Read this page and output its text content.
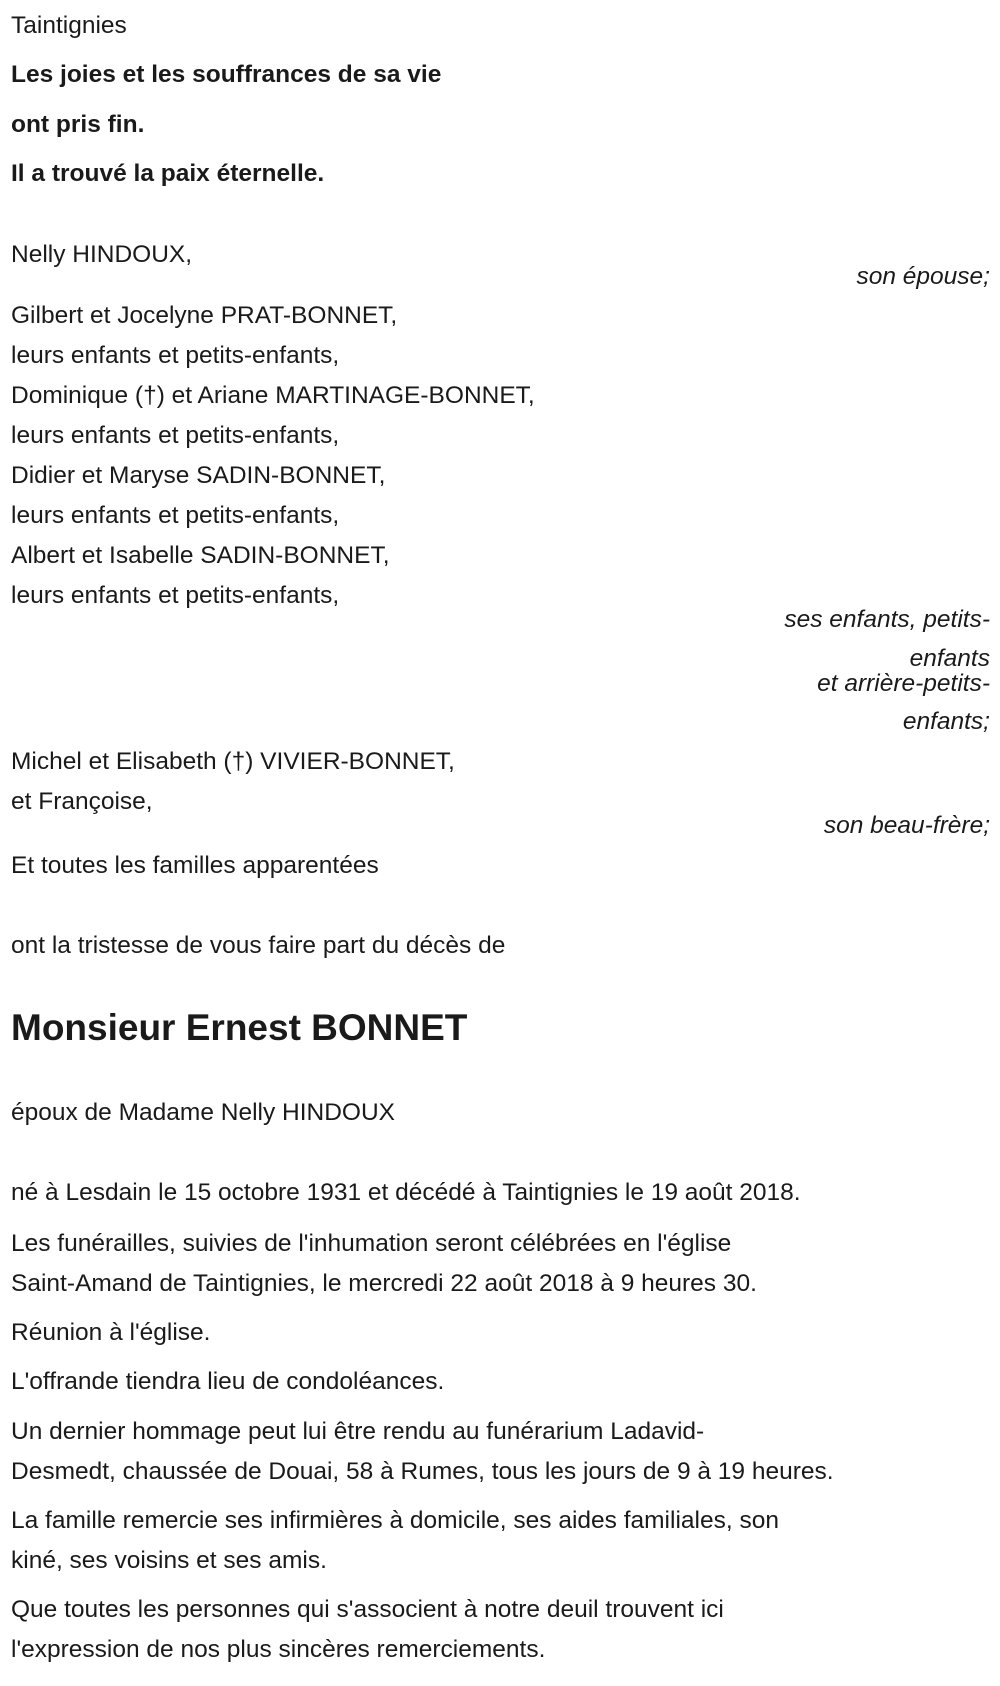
Taintignies
Les joies et les souffrances de sa vie
ont pris fin.
Il a trouvé la paix éternelle.
Nelly HINDOUX,
son épouse;
Gilbert et Jocelyne PRAT-BONNET,
leurs enfants et petits-enfants,
Dominique (†) et Ariane MARTINAGE-BONNET,
leurs enfants et petits-enfants,
Didier et Maryse SADIN-BONNET,
leurs enfants et petits-enfants,
Albert et Isabelle SADIN-BONNET,
leurs enfants et petits-enfants,
ses enfants, petits-
enfants
et arrière-petits-
enfants;
Michel et Elisabeth (†) VIVIER-BONNET,
et Françoise,
son beau-frère;
Et toutes les familles apparentées
ont la tristesse de vous faire part du décès de
Monsieur Ernest BONNET
époux de Madame Nelly HINDOUX
né à Lesdain le 15 octobre 1931 et décédé à Taintignies le 19 août 2018.
Les funérailles, suivies de l'inhumation seront célébrées en l'église
Saint-Amand de Taintignies, le mercredi 22 août 2018 à 9 heures 30.
Réunion à l'église.
L'offrande tiendra lieu de condoléances.
Un dernier hommage peut lui être rendu au funérarium Ladavid-
Desmedt, chaussée de Douai, 58 à Rumes, tous les jours de 9 à 19 heures.
La famille remercie ses infirmières à domicile, ses aides familiales, son
kiné, ses voisins et ses amis.
Que toutes les personnes qui s'associent à notre deuil trouvent ici
l'expression de nos plus sincères remerciements.
